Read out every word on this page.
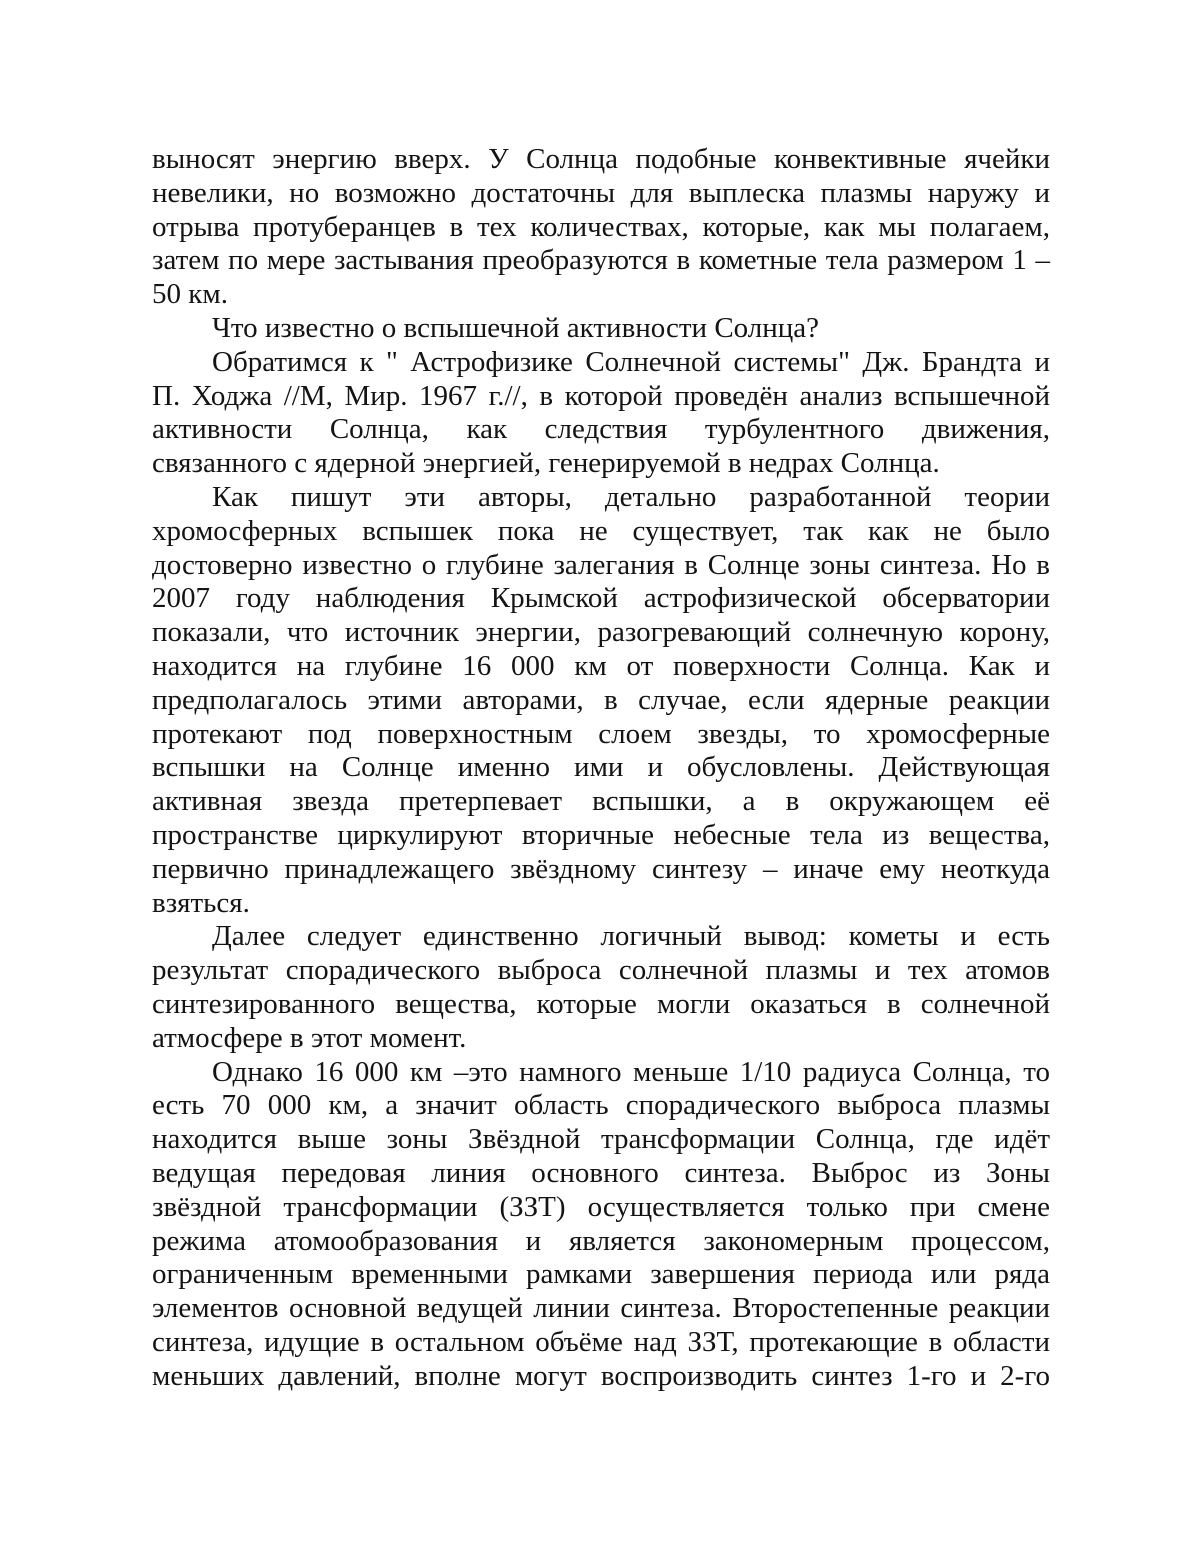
выносят энергию вверх. У Солнца подобные конвективные ячейки
невелики, но возможно достаточны для выплеска плазмы наружу и
отрыва протуберанцев в тех количествах, которые, как мы полагаем,
затем по мере застывания преобразуются в кометные тела размером 1 –
50 км.
Что известно о вспышечной активности Солнца?
Обратимся к " Астрофизике Солнечной системы" Дж. Брандта и
П. Ходжа //М, Мир. 1967 г.//, в которой проведён анализ вспышечной
активности Солнца, как следствия турбулентного движения,
связанного с ядерной энергией, генерируемой в недрах Солнца.
Как пишут эти авторы, детально разработанной теории
хромосферных вспышек пока не существует, так как не было
достоверно известно о глубине залегания в Солнце зоны синтеза. Но в
2007 году наблюдения Крымской астрофизической обсерватории
показали, что источник энергии, разогревающий солнечную корону,
находится на глубине 16 000 км от поверхности Солнца. Как и
предполагалось этими авторами, в случае, если ядерные реакции
протекают под поверхностным слоем звезды, то хромосферные
вспышки на Солнце именно ими и обусловлены. Действующая
активная звезда претерпевает вспышки, а в окружающем её
пространстве циркулируют вторичные небесные тела из вещества,
первично принадлежащего звёздному синтезу – иначе ему неоткуда
взяться.
Далее следует единственно логичный вывод: кометы и есть
результат спорадического выброса солнечной плазмы и тех атомов
синтезированного вещества, которые могли оказаться в солнечной
атмосфере в этот момент.
Однако 16 000 км –это намного меньше 1/10 радиуса Солнца, то
есть 70 000 км, а значит область спорадического выброса плазмы
находится выше зоны Звёздной трансформации Солнца, где идёт
ведущая передовая линия основного синтеза. Выброс из Зоны
звёздной трансформации (ЗЗТ) осуществляется только при смене
режима атомообразования и является закономерным процессом,
ограниченным временными рамками завершения периода или ряда
элементов основной ведущей линии синтеза. Второстепенные реакции
синтеза, идущие в остальном объёме над ЗЗТ, протекающие в области
меньших давлений, вполне могут воспроизводить синтез 1-го и 2-го
